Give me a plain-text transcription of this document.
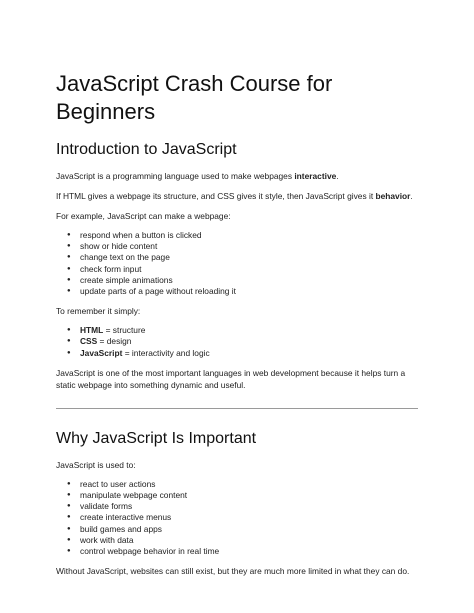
JavaScript Crash Course for Beginners
Introduction to JavaScript

JavaScript is a programming language used to make webpages interactive.

If HTML gives a webpage its structure, and CSS gives it style, then JavaScript gives it behavior.

For example, JavaScript can make a webpage:

● respond when a button is clicked
● show or hide content
● change text on the page
● check form input
● create simple animations
● update parts of a page without reloading it

To remember it simply:

● HTML = structure
● CSS = design
● JavaScript = interactivity and logic

JavaScript is one of the most important languages in web development because it helps turn a static webpage into something dynamic and useful.

Why JavaScript Is Important

JavaScript is used to:

● react to user actions
● manipulate webpage content
● validate forms
● create interactive menus
● build games and apps
● work with data
● control webpage behavior in real time

Without JavaScript, websites can still exist, but they are much more limited in what they can do.
